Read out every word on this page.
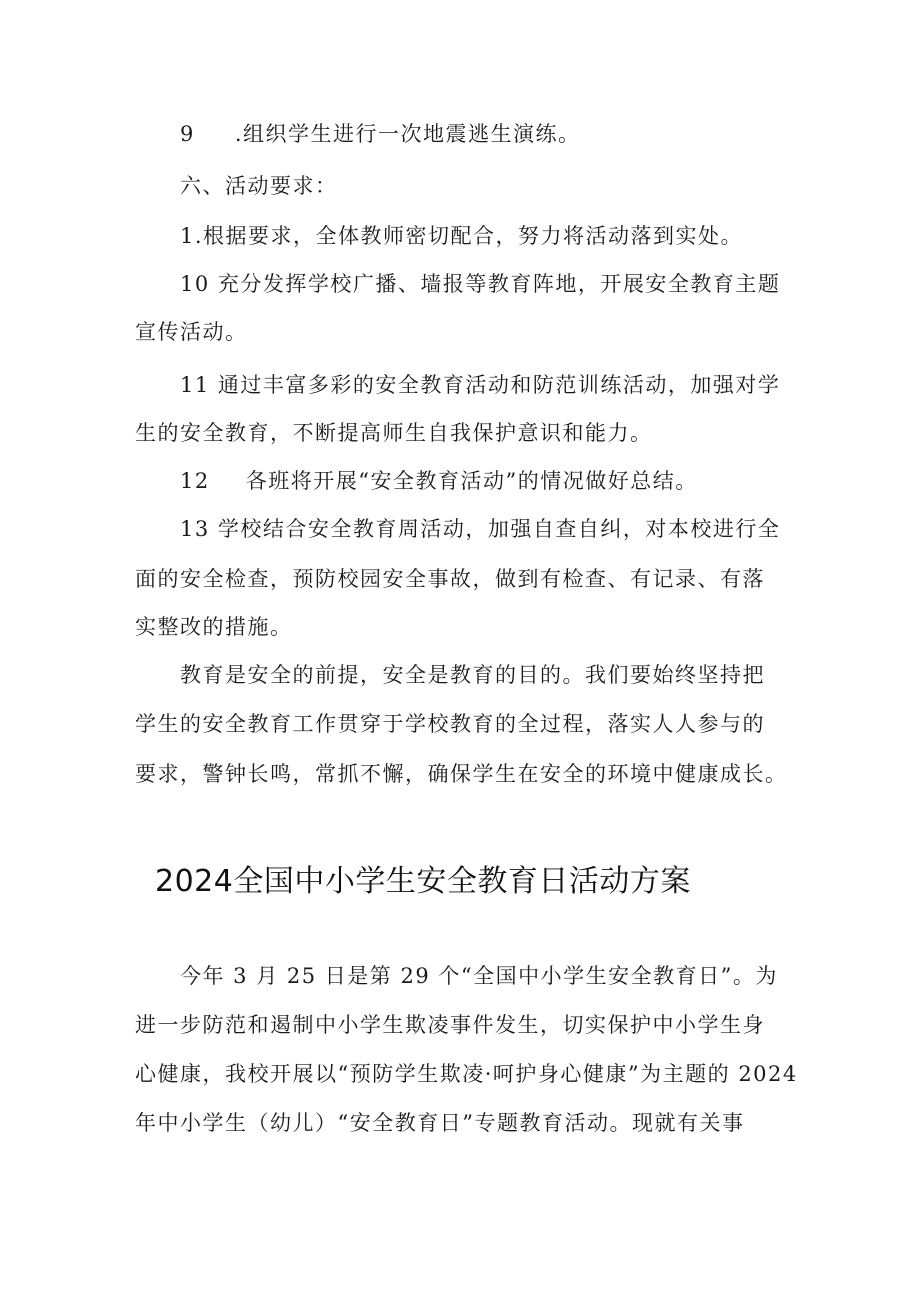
9 .组织学生进行一次地震逃生演练。
六、活动要求：
1.根据要求，全体教师密切配合，努力将活动落到实处。
10 充分发挥学校广播、墙报等教育阵地，开展安全教育主题
宣传活动。
11 通过丰富多彩的安全教育活动和防范训练活动，加强对学
生的安全教育，不断提高师生自我保护意识和能力。
12 各班将开展“安全教育活动”的情况做好总结。
13 学校结合安全教育周活动，加强自查自纠，对本校进行全
面的安全检查，预防校园安全事故，做到有检查、有记录、有落
实整改的措施。
教育是安全的前提，安全是教育的目的。我们要始终坚持把
学生的安全教育工作贯穿于学校教育的全过程，落实人人参与的
要求，警钟长鸣，常抓不懈，确保学生在安全的环境中健康成长。
2024全国中小学生安全教育日活动方案
今年 3 月 25 日是第 29 个“全国中小学生安全教育日”。为
进一步防范和遏制中小学生欺凌事件发生，切实保护中小学生身
心健康，我校开展以“预防学生欺凌·呵护身心健康”为主题的 2024
年中小学生（幼儿）“安全教育日”专题教育活动。现就有关事
